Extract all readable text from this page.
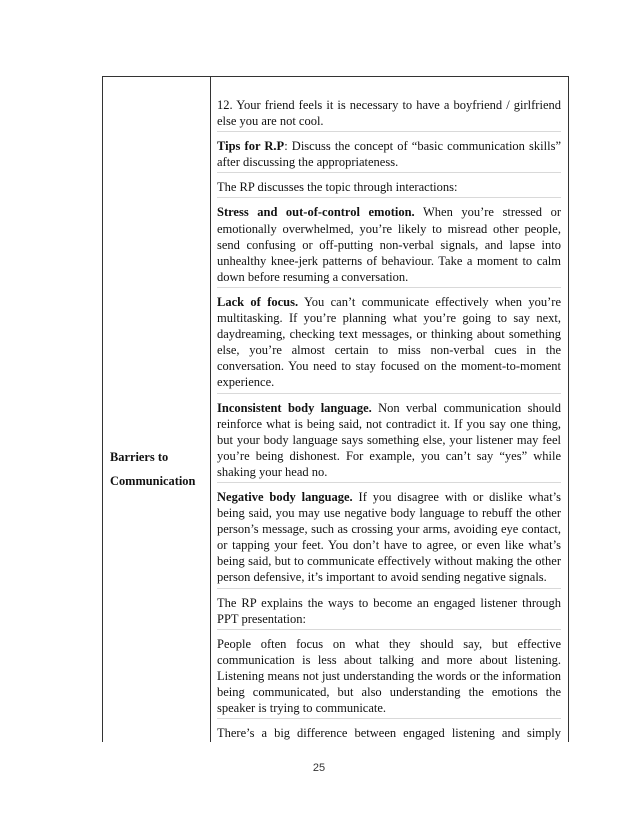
Barriers to
Communication

12. Your friend feels it is necessary to have a boyfriend / girlfriend else you are not cool.

Tips for R.P: Discuss the concept of “basic communication skills” after discussing the appropriateness.

The RP discusses the topic through interactions:

Stress and out-of-control emotion. When you’re stressed or emotionally overwhelmed, you’re likely to misread other people, send confusing or off-putting non-verbal signals, and lapse into unhealthy knee-jerk patterns of behaviour. Take a moment to calm down before resuming a conversation.

Lack of focus. You can’t communicate effectively when you’re multitasking. If you’re planning what you’re going to say next, daydreaming, checking text messages, or thinking about something else, you’re almost certain to miss non-verbal cues in the conversation. You need to stay focused on the moment-to-moment experience.

Inconsistent body language. Non verbal communication should reinforce what is being said, not contradict it. If you say one thing, but your body language says something else, your listener may feel you’re being dishonest. For example, you can’t say “yes” while shaking your head no.

Negative body language. If you disagree with or dislike what’s being said, you may use negative body language to rebuff the other person’s message, such as crossing your arms, avoiding eye contact, or tapping your feet. You don’t have to agree, or even like what’s being said, but to communicate effectively without making the other person defensive, it’s important to avoid sending negative signals.

The RP explains the ways to become an engaged listener through PPT presentation:

People often focus on what they should say, but effective communication is less about talking and more about listening. Listening means not just understanding the words or the information being communicated, but also understanding the emotions the speaker is trying to communicate.

There’s a big difference between engaged listening and simply

25
